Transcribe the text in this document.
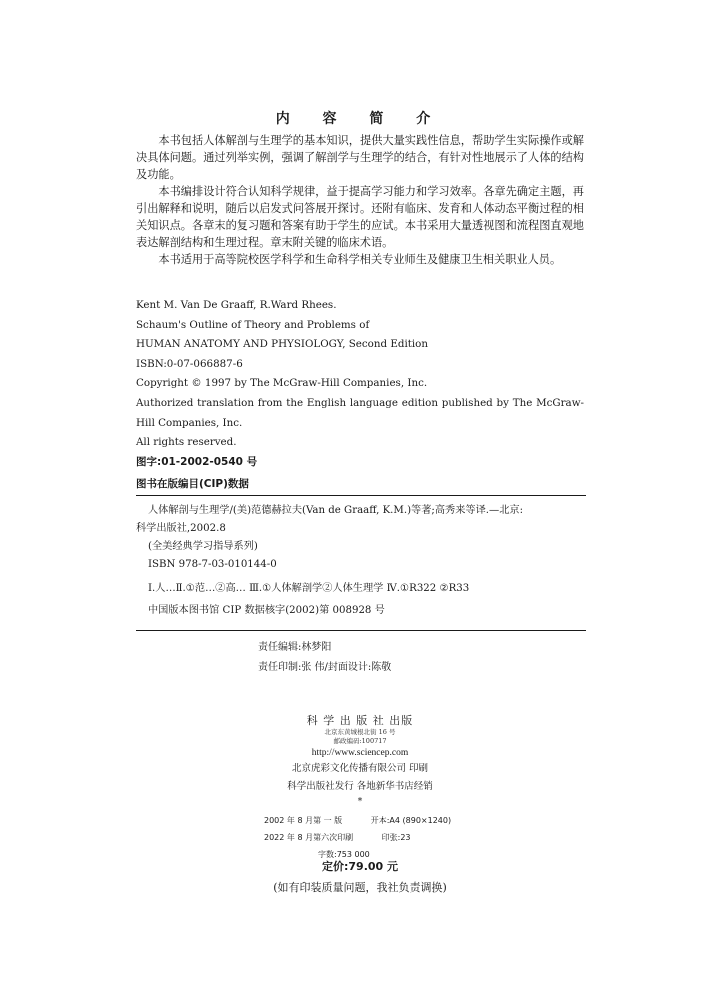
内 容 简 介

本书包括人体解剖与生理学的基本知识，提供大量实践性信息，帮助学生实际操作或解决具体问题。通过列举实例，强调了解剖学与生理学的结合，有针对性地展示了人体的结构及功能。

本书编排设计符合认知科学规律，益于提高学习能力和学习效率。各章先确定主题，再引出解释和说明，随后以启发式问答展开探讨。还附有临床、发育和人体动态平衡过程的相关知识点。各章末的复习题和答案有助于学生的应试。本书采用大量透视图和流程图直观地表达解剖结构和生理过程。章末附关键的临床术语。

本书适用于高等院校医学科学和生命科学相关专业师生及健康卫生相关职业人员。

Kent M. Van De Graaff, R.Ward Rhees.
Schaum's Outline of Theory and Problems of
HUMAN ANATOMY AND PHYSIOLOGY, Second Edition
ISBN:0-07-066887-6
Copyright © 1997 by The McGraw-Hill Companies, Inc.
Authorized translation from the English language edition published by The McGraw-Hill Companies, Inc.
All rights reserved.
图字:01-2002-0540 号
图书在版编目(CIP)数据
人体解剖与生理学/(美)范德赫拉夫(Van de Graaff, K.M.)等著;高秀来等译.—北京:
科学出版社,2002.8
(全美经典学习指导系列)
ISBN 978-7-03-010144-0
Ⅰ.人…Ⅱ.①范…②高… Ⅲ.①人体解剖学②人体生理学 Ⅳ.①R322 ②R33
中国版本图书馆 CIP 数据核字(2002)第 008928 号
责任编辑:林梦阳
责任印制:张 伟/封面设计:陈敬
科 学 出 版 社 出版
北京东黄城根北街 16 号
邮政编码:100717
http://www.sciencep.com
北京虎彩文化传播有限公司 印刷
科学出版社发行 各地新华书店经销
*
2002 年 8 月第 一 版	开本:A4 (890×1240)
2022 年 8 月第六次印刷	印张:23
字数:753 000
定价:79.00 元
(如有印装质量问题，我社负责调换)
